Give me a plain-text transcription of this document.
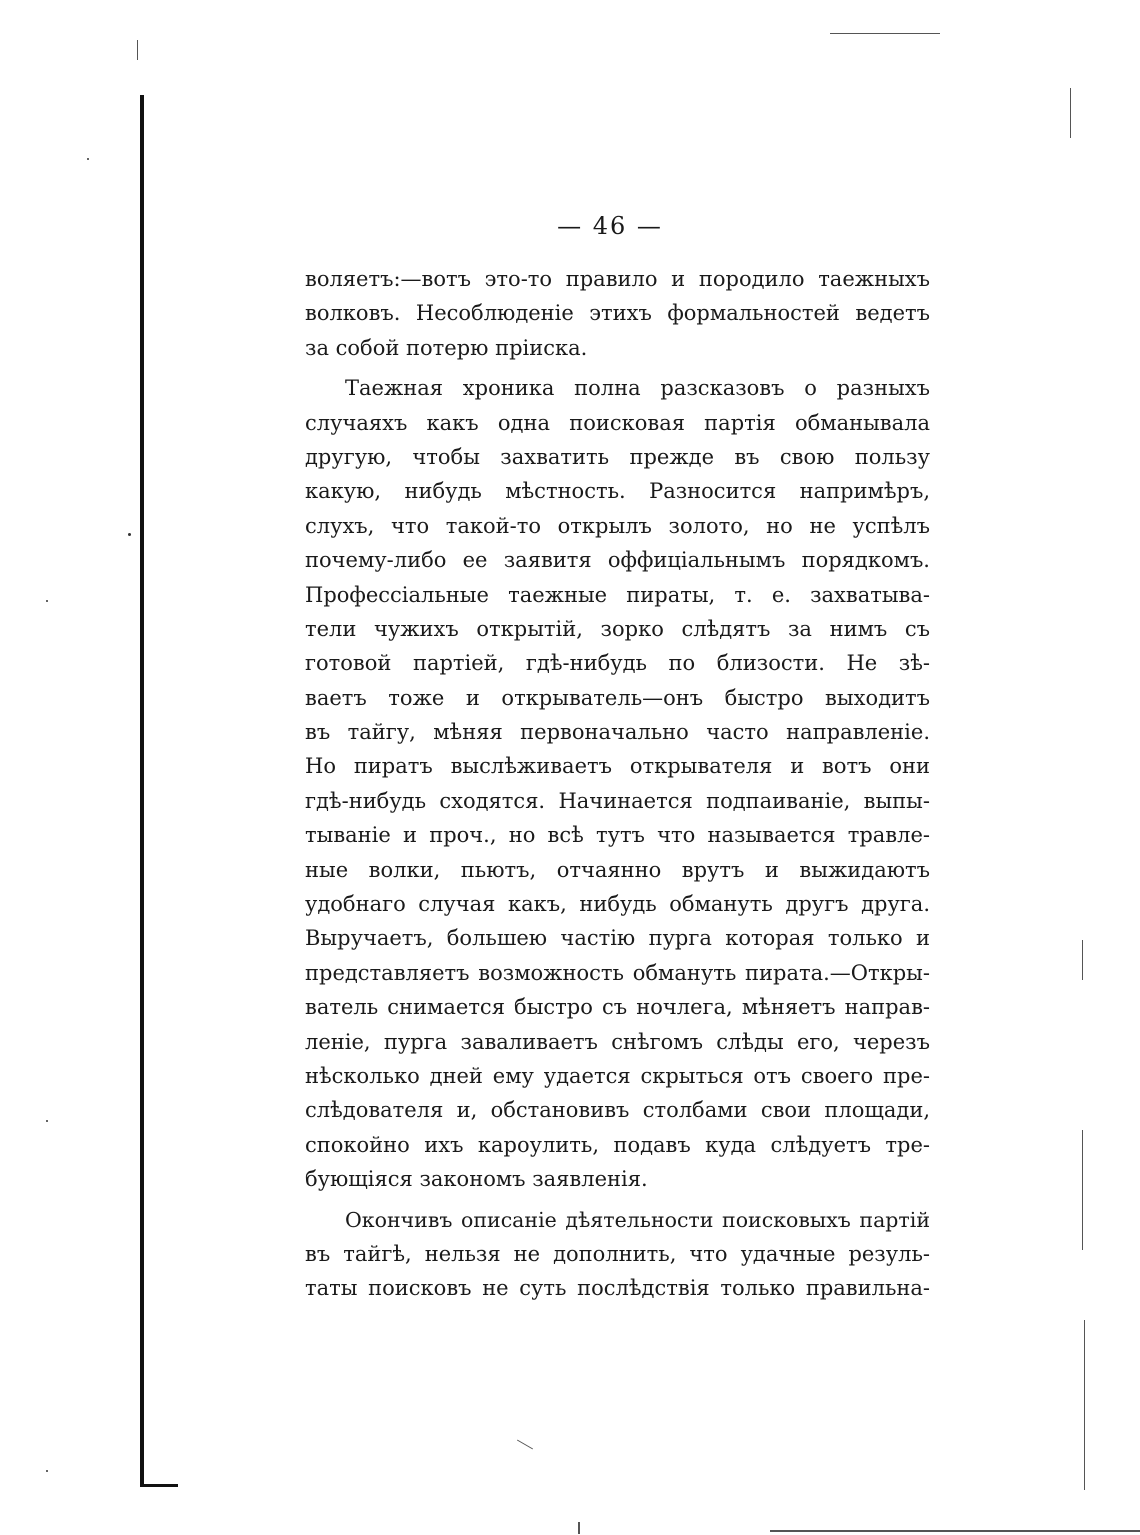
— 46 —
воляетъ:—вотъ это-то правило и породило таежныхъ
волковъ. Несоблюденіе этихъ формальностей ведетъ
за собой потерю пріиска.
Таежная хроника полна разсказовъ о разныхъ
случаяхъ какъ одна поисковая партія обманывала
другую, чтобы захватить прежде въ свою пользу
какую, нибудь мѣстность. Разносится напримѣръ,
слухъ, что такой-то открылъ золото, но не успѣлъ
почему-либо ее заявитя оффиціальнымъ порядкомъ.
Профессіальные таежные пираты, т. е. захватыва-
тели чужихъ открытій, зорко слѣдятъ за нимъ съ
готовой партіей, гдѣ-нибудь по близости. Не зѣ-
ваетъ тоже и открыватель—онъ быстро выходитъ
въ тайгу, мѣняя первоначально часто направленіе.
Но пиратъ выслѣживаетъ открывателя и вотъ они
гдѣ-нибудь сходятся. Начинается подпаиваніе, выпы-
тываніе и проч., но всѣ тутъ что называется травле-
ные волки, пьютъ, отчаянно врутъ и выжидаютъ
удобнаго случая какъ, нибудь обмануть другъ друга.
Выручаетъ, большею частію пурга которая только и
представляетъ возможность обмануть пирата.—Откры-
ватель снимается быстро съ ночлега, мѣняетъ направ-
леніе, пурга заваливаетъ снѣгомъ слѣды его, черезъ
нѣсколько дней ему удается скрыться отъ своего пре-
слѣдователя и, обстановивъ столбами свои площади,
спокойно ихъ кароулить, подавъ куда слѣдуетъ тре-
бующіяся закономъ заявленія.
Окончивъ описаніе дѣятельности поисковыхъ партій
въ тайгѣ, нельзя не дополнить, что удачные резуль-
таты поисковъ не суть послѣдствія только правильна-
